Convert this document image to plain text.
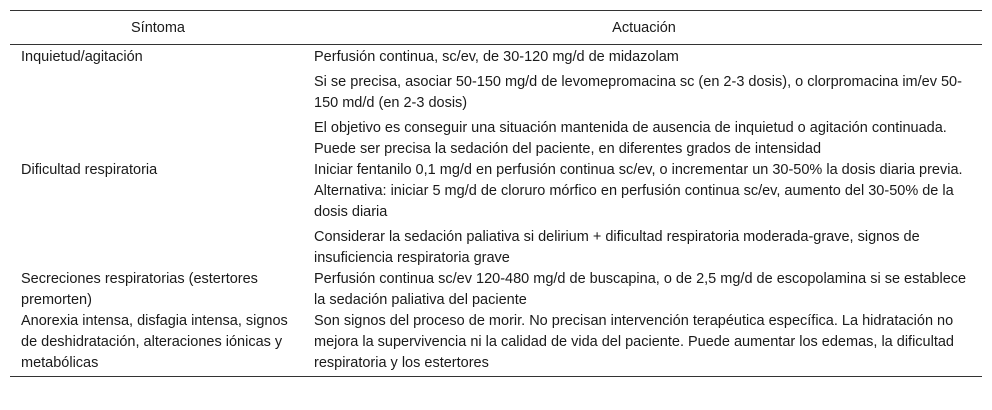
Síntoma	Actuación
Inquietud/agitación	Perfusión continua, sc/ev, de 30-120 mg/d de midazolam
Si se precisa, asociar 50-150 mg/d de levomepromacina sc (en 2-3 dosis), o clorpromacina im/ev 50-150 md/d (en 2-3 dosis)
El objetivo es conseguir una situación mantenida de ausencia de inquietud o agitación continuada. Puede ser precisa la sedación del paciente, en diferentes grados de intensidad

Dificultad respiratoria	Iniciar fentanilo 0,1 mg/d en perfusión continua sc/ev, o incrementar un 30-50% la dosis diaria previa. Alternativa: iniciar 5 mg/d de cloruro mórfico en perfusión continua sc/ev, aumento del 30-50% de la dosis diaria
Considerar la sedación paliativa si delirium + dificultad respiratoria moderada-grave, signos de insuficiencia respiratoria grave

Secreciones respiratorias (estertores premorten)	Perfusión continua sc/ev 120-480 mg/d de buscapina, o de 2,5 mg/d de escopolamina si se establece la sedación paliativa del paciente

Anorexia intensa, disfagia intensa, signos de deshidratación, alteraciones iónicas y metabólicas	Son signos del proceso de morir. No precisan intervención terapéutica específica. La hidratación no mejora la supervivencia ni la calidad de vida del paciente. Puede aumentar los edemas, la dificultad respiratoria y los estertores
